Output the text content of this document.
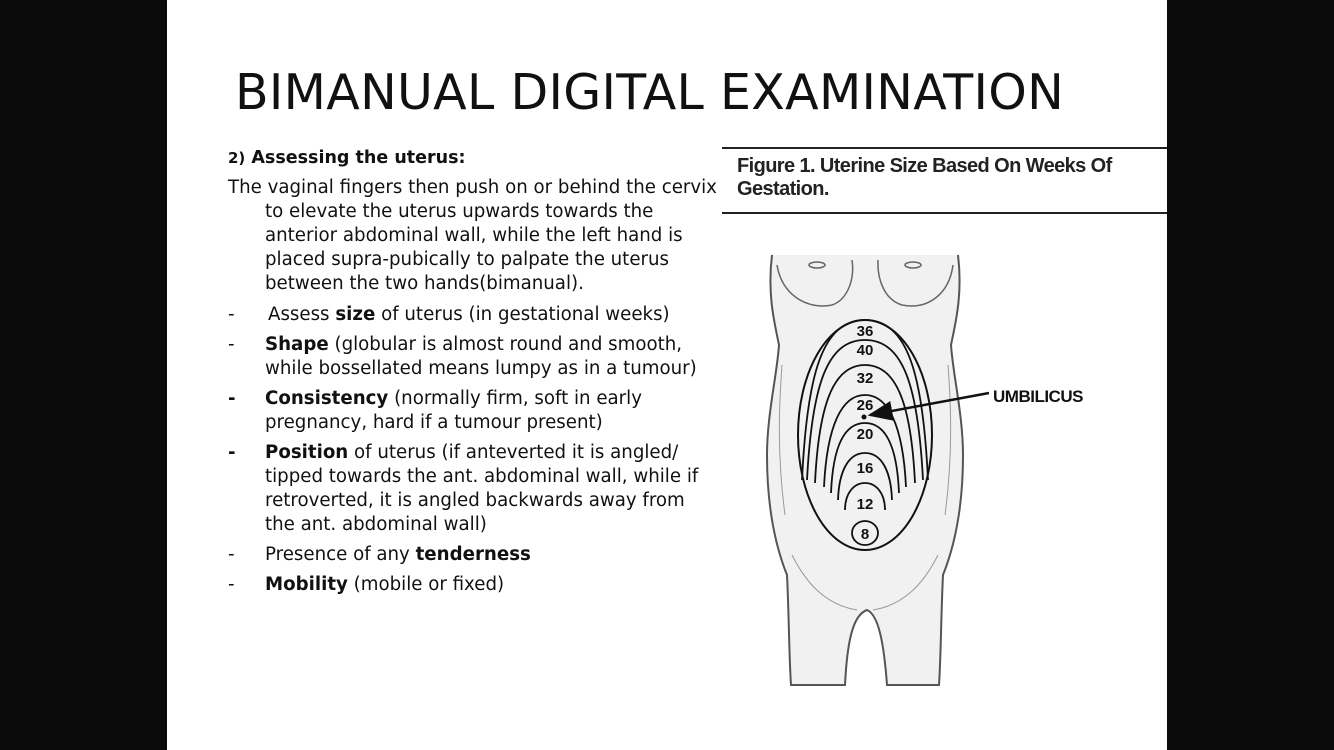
BIMANUAL DIGITAL EXAMINATION
2) Assessing the uterus:
The vaginal fingers then push on or behind the cervix to elevate the uterus upwards towards the anterior abdominal wall, while the left hand is placed supra-pubically to palpate the uterus between the two hands(bimanual).
-	Assess size of uterus (in gestational weeks)
-	Shape (globular is almost round and smooth, while bossellated means lumpy as in a tumour)
-	Consistency (normally firm, soft in early pregnancy, hard if a tumour present)
-	Position of uterus (if anteverted it is angled/ tipped towards the ant. abdominal wall, while if retroverted, it is angled backwards away from the ant. abdominal wall)
-	Presence of any tenderness
-	Mobility (mobile or fixed)
Figure 1. Uterine Size Based On Weeks Of Gestation.
36
40
32
26
20
16
12
8
UMBILICUS
